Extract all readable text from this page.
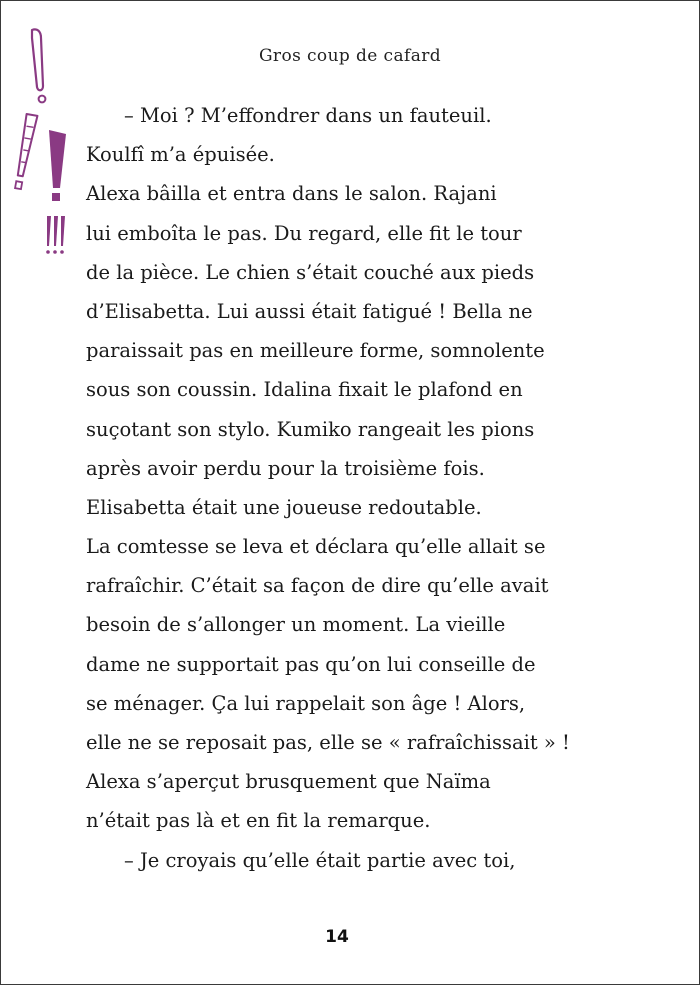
Gros coup de cafard
– Moi ? M’effondrer dans un fauteuil.
Koulfî m’a épuisée.
Alexa bâilla et entra dans le salon. Rajani
lui emboîta le pas. Du regard, elle fit le tour
de la pièce. Le chien s’était couché aux pieds
d’Elisabetta. Lui aussi était fatigué ! Bella ne
paraissait pas en meilleure forme, somnolente
sous son coussin. Idalina fixait le plafond en
suçotant son stylo. Kumiko rangeait les pions
après avoir perdu pour la troisième fois.
Elisabetta était une joueuse redoutable.
La comtesse se leva et déclara qu’elle allait se
rafraîchir. C’était sa façon de dire qu’elle avait
besoin de s’allonger un moment. La vieille
dame ne supportait pas qu’on lui conseille de
se ménager. Ça lui rappelait son âge ! Alors,
elle ne se reposait pas, elle se « rafraîchissait » !
Alexa s’aperçut brusquement que Naïma
n’était pas là et en fit la remarque.
– Je croyais qu’elle était partie avec toi,
14
